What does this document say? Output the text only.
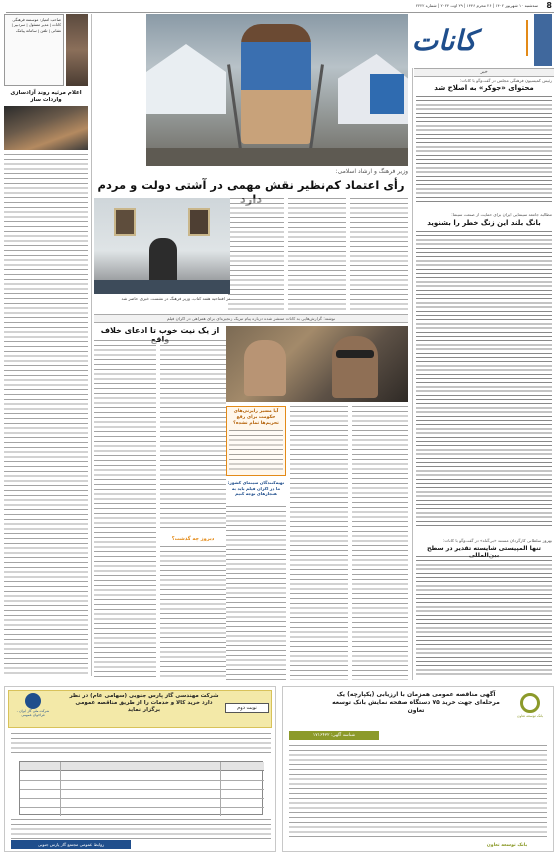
8
سه‌شنبه ۱۰ شهریور ۱۴۰۲ | ۲۶ محرم ۱۴۴۶ | ۲۹ اوت ۲۰۲۴ | شماره ۲۲۲۲
کانات
خبر
رئیس کمیسیون فرهنگی مجلس در گفت‌وگو با کانات:
محتوای «جوکر» به اصلاح شد
مطالبه جامعه سینمایی ایران برای حمایت از صنعت سینما:
بانگ بلند این زنگ خطر را بشنوید
بهروز سلطانی کارگردان مستند «بی‌گناه» در گفت‌وگو با کانات:
تنها المپیستی شایسته تقدیر در سطح
صاحب امتیاز: موسسه فرهنگی کانات | مدیر مسئول | سردبیر | نشانی | تلفن | سامانه پیامک
اعلام مرثیه روند آزادسازی واردات ساز
وزیر فرهنگ و ارشاد اسلامی:
رأی اعتماد کم‌نظیر نقش مهمی در آشتی دولت و مردم
در افتتاحیه هفته کتاب، وزیر فرهنگ در نشست خبری حاضر شد
نوشته: گزارش‌هایی به کانات منتشر شده درباره پیام تبریک زنجیره‌ای برای همراهی در اکران فیلم
از یک نیت خوب تا ادعای خلاف
دیروز چه گذشت؟
آیا مسیر رایزنی‌های حکومت برای رفع تحریم‌ها تمام نشده؟
تهیه‌کنندگان سینمای کشور: ما در اکران فیلم باید به هنجارهای توجه کنیم
شرکت مهندسی گاز پارس جنوبی (سهامی عام) در نظر دارد خرید کالا و خدمات را از طریق مناقصه عمومی برگزار نماید	نوبت دوم
شرکت ملی گاز ایران - فراخوان عمومی
روابط عمومی مجتمع گاز پارس جنوبی
آگهی مناقصه عمومی همزمان با ارزیابی (یکپارچه) یک مرحله‌ای جهت خرید ۷۵ دستگاه صفحه نمایش بانک توسعه تعاون
بانک توسعه تعاون
شناسه آگهی: ۱۷۱۶۴۳۲
بانک توسعه تعاون
